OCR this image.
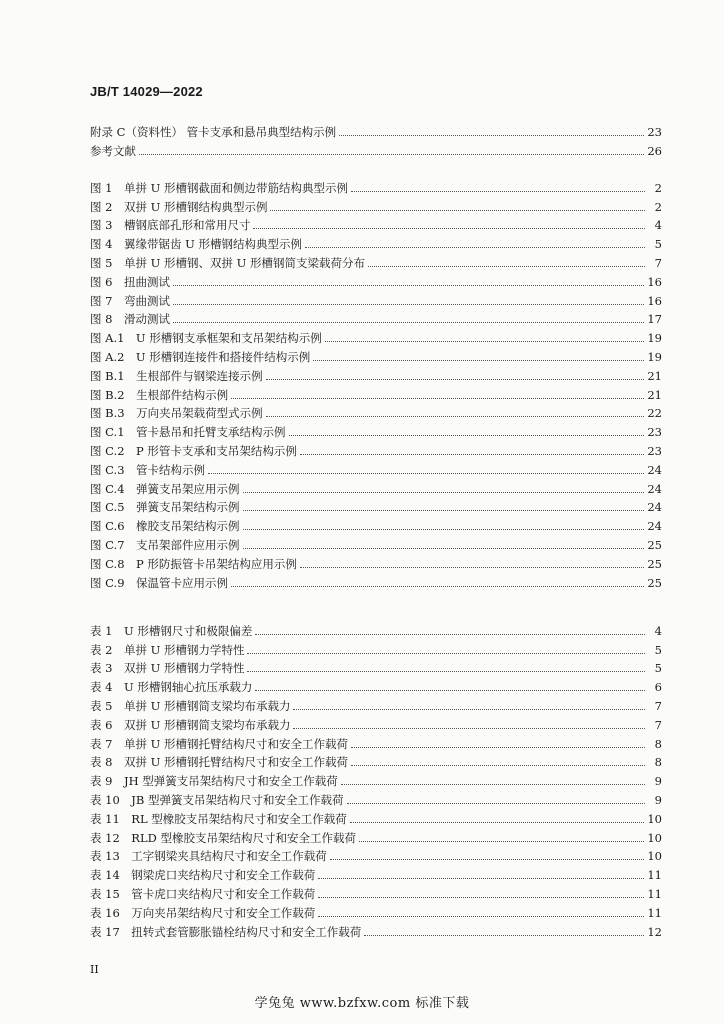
JB/T 14029—2022
附录 C（资料性） 管卡支承和悬吊典型结构示例	23
参考文献	26
图 1　单拼 U 形槽钢截面和侧边带筋结构典型示例	2
图 2　双拼 U 形槽钢结构典型示例	2
图 3　槽钢底部孔形和常用尺寸	4
图 4　翼缘带锯齿 U 形槽钢结构典型示例	5
图 5　单拼 U 形槽钢、双拼 U 形槽钢简支梁载荷分布	7
图 6　扭曲测试	16
图 7　弯曲测试	16
图 8　滑动测试	17
图 A.1　U 形槽钢支承框架和支吊架结构示例	19
图 A.2　U 形槽钢连接件和搭接件结构示例	19
图 B.1　生根部件与钢梁连接示例	21
图 B.2　生根部件结构示例	21
图 B.3　万向夹吊架载荷型式示例	22
图 C.1　管卡悬吊和托臂支承结构示例	23
图 C.2　P 形管卡支承和支吊架结构示例	23
图 C.3　管卡结构示例	24
图 C.4　弹簧支吊架应用示例	24
图 C.5　弹簧支吊架结构示例	24
图 C.6　橡胶支吊架结构示例	24
图 C.7　支吊架部件应用示例	25
图 C.8　P 形防振管卡吊架结构应用示例	25
图 C.9　保温管卡应用示例	25
表 1　U 形槽钢尺寸和极限偏差	4
表 2　单拼 U 形槽钢力学特性	5
表 3　双拼 U 形槽钢力学特性	5
表 4　U 形槽钢轴心抗压承载力	6
表 5　单拼 U 形槽钢简支梁均布承载力	7
表 6　双拼 U 形槽钢简支梁均布承载力	7
表 7　单拼 U 形槽钢托臂结构尺寸和安全工作载荷	8
表 8　双拼 U 形槽钢托臂结构尺寸和安全工作载荷	8
表 9　JH 型弹簧支吊架结构尺寸和安全工作载荷	9
表 10　JB 型弹簧支吊架结构尺寸和安全工作载荷	9
表 11　RL 型橡胶支吊架结构尺寸和安全工作载荷	10
表 12　RLD 型橡胶支吊架结构尺寸和安全工作载荷	10
表 13　工字钢梁夹具结构尺寸和安全工作载荷	10
表 14　钢梁虎口夹结构尺寸和安全工作载荷	11
表 15　管卡虎口夹结构尺寸和安全工作载荷	11
表 16　万向夹吊架结构尺寸和安全工作载荷	11
表 17　扭转式套管膨胀锚栓结构尺寸和安全工作载荷	12
II
学兔兔 www.bzfxw.com 标准下载
